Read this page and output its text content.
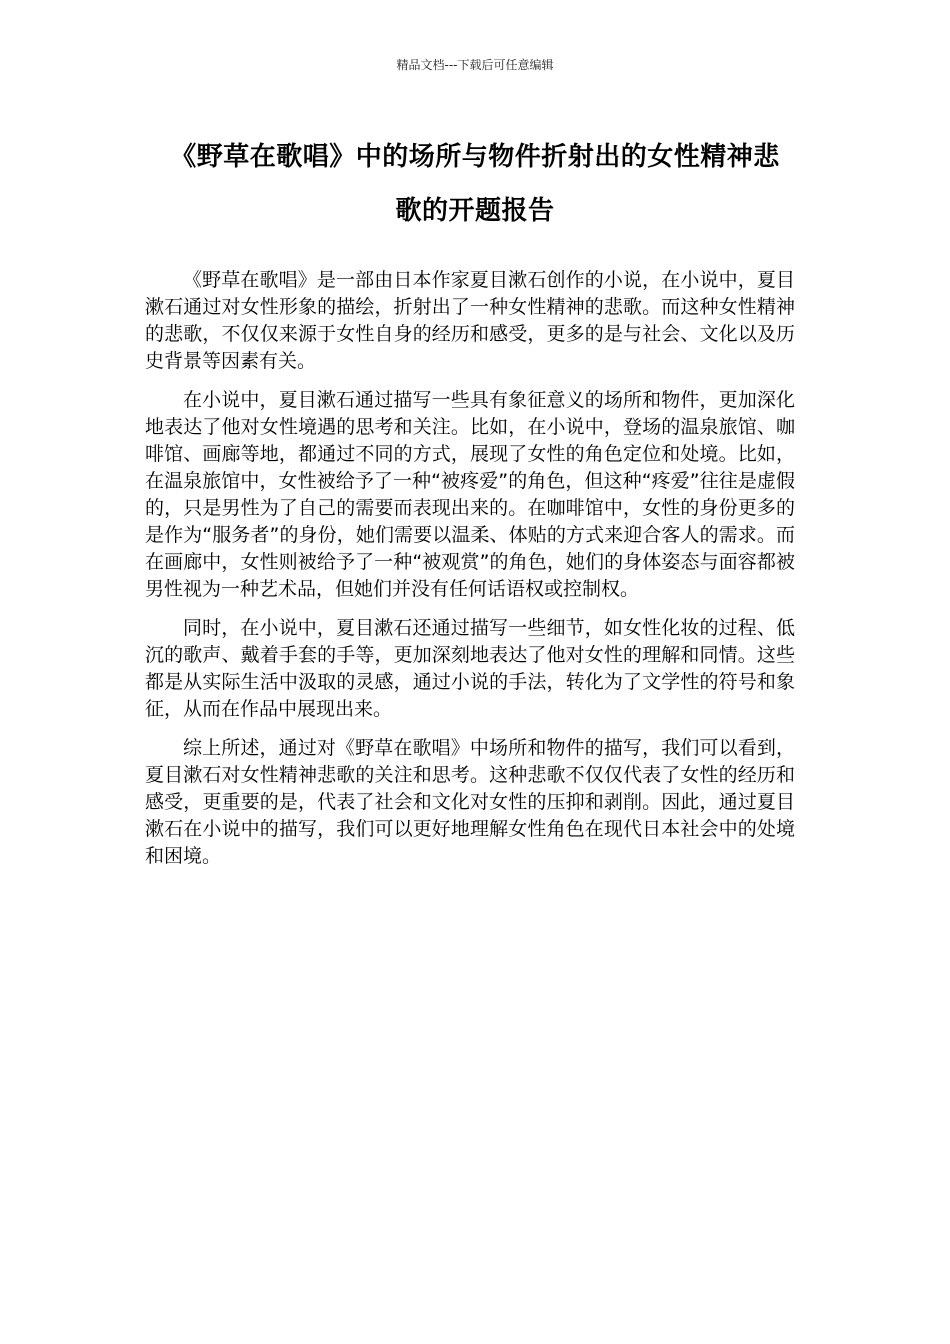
精品文档---下载后可任意编辑
《野草在歌唱》中的场所与物件折射出的女性精神悲
歌的开题报告

《野草在歌唱》是一部由日本作家夏目漱石创作的小说，在小说中，夏目漱石通过对女性形象的描绘，折射出了一种女性精神的悲歌。而这种女性精神的悲歌，不仅仅来源于女性自身的经历和感受，更多的是与社会、文化以及历史背景等因素有关。

在小说中，夏目漱石通过描写一些具有象征意义的场所和物件，更加深化地表达了他对女性境遇的思考和关注。比如，在小说中，登场的温泉旅馆、咖啡馆、画廊等地，都通过不同的方式，展现了女性的角色定位和处境。比如，在温泉旅馆中，女性被给予了一种“被疼爱”的角色，但这种“疼爱”往往是虚假的，只是男性为了自己的需要而表现出来的。在咖啡馆中，女性的身份更多的是作为“服务者”的身份，她们需要以温柔、体贴的方式来迎合客人的需求。而在画廊中，女性则被给予了一种“被观赏”的角色，她们的身体姿态与面容都被男性视为一种艺术品，但她们并没有任何话语权或控制权。

同时，在小说中，夏目漱石还通过描写一些细节，如女性化妆的过程、低沉的歌声、戴着手套的手等，更加深刻地表达了他对女性的理解和同情。这些都是从实际生活中汲取的灵感，通过小说的手法，转化为了文学性的符号和象征，从而在作品中展现出来。

综上所述，通过对《野草在歌唱》中场所和物件的描写，我们可以看到，夏目漱石对女性精神悲歌的关注和思考。这种悲歌不仅仅代表了女性的经历和感受，更重要的是，代表了社会和文化对女性的压抑和剥削。因此，通过夏目漱石在小说中的描写，我们可以更好地理解女性角色在现代日本社会中的处境和困境。
